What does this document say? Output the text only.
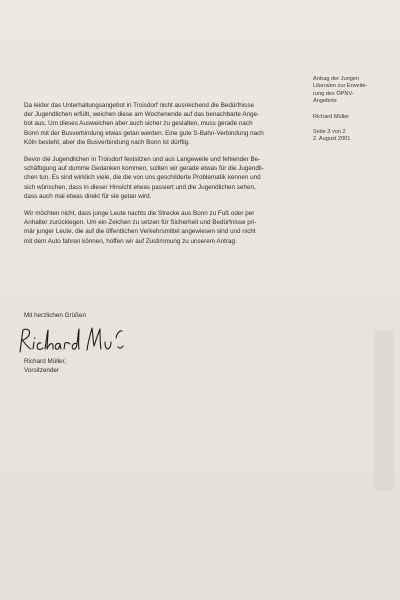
Antrag der Jungen

Liberalen zur Erweite-

rung des ÖPNV-

Angebots

Richard Müller

Seite 2 von 2

2. August 2001

Da leider das Unterhaltungsangebot in Troisdorf nicht ausreichend die Bedürfnisse
der Jugendlichen erfüllt, weichen diese am Wochenende auf das benachbarte Ange-
bot aus. Um dieses Ausweichen aber auch sicher zu gestalten, muss gerade nach
Bonn mit der Busverbindung etwas getan werden. Eine gute S-Bahn-Verbindung nach
Köln besteht, aber die Busverbindung nach Bonn ist dürftig.

Bevor die Jugendlichen in Troisdorf festsitzen und aus Langeweile und fehlender Be-
schäftigung auf dumme Gedanken kommen, sollten wir gerade etwas für die Jugendli-
chen tun. Es sind wirklich viele, die die von uns geschilderte Problematik kennen und
sich wünschen, dass in dieser Hinsicht etwas passiert und die Jugendlichen sehen,
dass auch mal etwas direkt für sie getan wird.

Wir möchten nicht, dass junge Leute nachts die Strecke aus Bonn zu Fuß oder per
Anhalter zurücklegen. Um ein Zeichen zu setzen für Sicherheit und Bedürfnisse pri-
mär junger Leute, die auf die öffentlichen Verkehrsmittel angewiesen sind und nicht
mit dem Auto fahren können, hoffen wir auf Zustimmung zu unserem Antrag.

Mit herzlichen Grüßen

Richard Müller,

Vorsitzender
